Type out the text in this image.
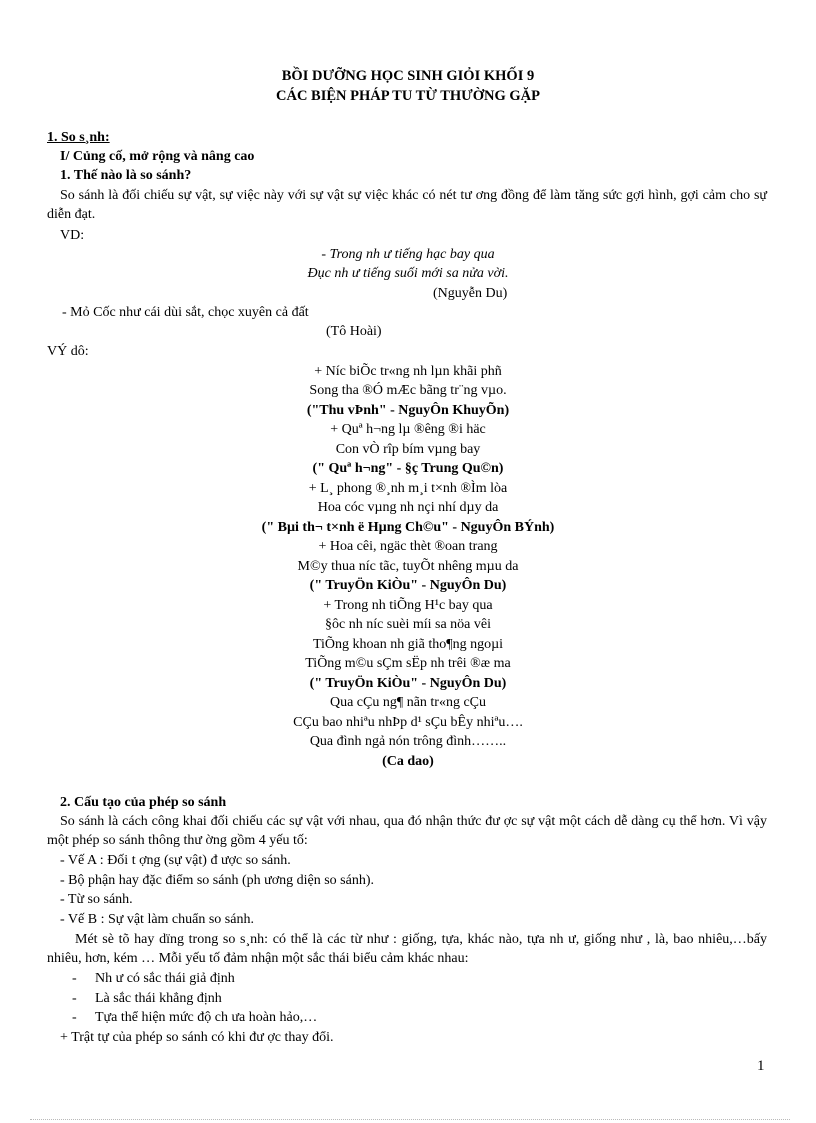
BỒI DƯỠNG HỌC SINH GIỎI KHỐI 9
CÁC BIỆN PHÁP TU TỪ THƯỜNG GẶP
1. So s¸nh:
I/ Củng cố, mở rộng và nâng cao
1. Thế nào là so sánh?
So sánh là đối chiếu sự vật, sự việc này với sự vật sự việc khác có nét tư ơng đồng để làm tăng sức gợi hình, gợi cảm cho sự diễn đạt.
VD:
- Trong nh ư tiếng hạc bay qua
Đục nh ư tiếng suối mới sa nửa vời.
(Nguyễn Du)
- Mỏ Cốc như cái dùi sắt, chọc xuyên cả đất
(Tô Hoài)
VÝ dô:
+ Níc biÕc tr«ng nh lµn khãi phñ
Song tha ®Ó mÆc bãng tr¨ng vµo.
("Thu vÞnh" - NguyÔn KhuyÕn)
+ Quª h¬ng lµ ®êng ®i häc
Con vÒ rîp bím vµng bay
(" Quª h¬ng" - §ç Trung Qu©n)
+ L¸ phong ®¸nh m¸i t×nh ®Ìm lòa
Hoa cóc vµng nh nçi nhí dµy da
(" Bµi th¬ t×nh ë Hµng Ch©u" - NguyÔn BÝnh)
+ Hoa cêi, ngäc thèt ®oan trang
M©y thua níc tãc, tuyÕt nhêng mµu da
(" TruyÖn KiÒu" - NguyÔn Du)
+ Trong nh tiÕng H¹c bay qua
§ôc nh níc suèi míi sa nöa vêi
TiÕng khoan nh giã tho¶ng ngoµi
TiÕng m©u sÇm sËp nh trêi ®æ ma
(" TruyÖn KiÒu" - NguyÔn Du)
Qua cÇu ng¶ nãn tr«ng cÇu
CÇu bao nhiªu nhÞp d¹ sÇu bÊy nhiªu….
Qua đình ngả nón trông đình……..
(Ca dao)
2. Cấu tạo của phép so sánh
So sánh là cách công khai đối chiếu các sự vật với nhau, qua đó nhận thức đư ợc sự vật một cách dễ dàng cụ thể hơn. Vì vậy một phép so sánh thông thư ờng gồm 4 yếu tố:
- Vế A : Đối t ợng (sự vật) đ ược so sánh.
- Bộ phận hay đặc điểm so sánh (ph ương diện so sánh).
- Từ so sánh.
- Vế B : Sự vật làm chuẩn so sánh.
Mét sè tõ hay dïng trong so s¸nh: có thể là các từ như : giống, tựa, khác nào, tựa nh ư, giống như , là, bao nhiêu,…bấy nhiêu, hơn, kém … Mỗi yếu tố đảm nhận một sắc thái biểu cảm khác nhau:
- Nh ư có sắc thái giả định
- Là sắc thái khẳng định
- Tựa thể hiện mức độ ch ưa hoàn hảo,…
+ Trật tự của phép so sánh có khi đư ợc thay đổi.
1
